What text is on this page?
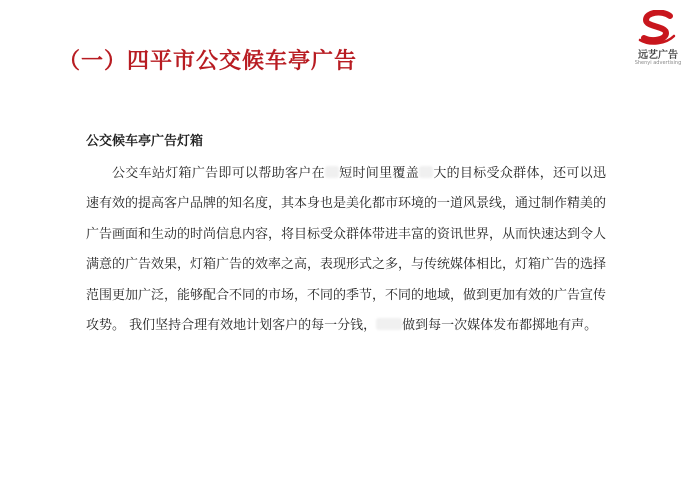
（一）四平市公交候车亭广告	远艺广告
Shenyi advertising
公交候车亭广告灯箱

公交车站灯箱广告即可以帮助客户在 短时间里覆盖 大的目标受众群体，还可以迅速有效的提高客户品牌的知名度，其本身也是美化都市环境的一道风景线，通过制作精美的广告画面和生动的时尚信息内容，将目标受众群体带进丰富的资讯世界，从而快速达到令人满意的广告效果，灯箱广告的效率之高，表现形式之多，与传统媒体相比，灯箱广告的选择范围更加广泛，能够配合不同的市场，不同的季节，不同的地域，做到更加有效的广告宣传攻势。 我们坚持合理有效地计划客户的每一分钱， 做到每一次媒体发布都掷地有声。
